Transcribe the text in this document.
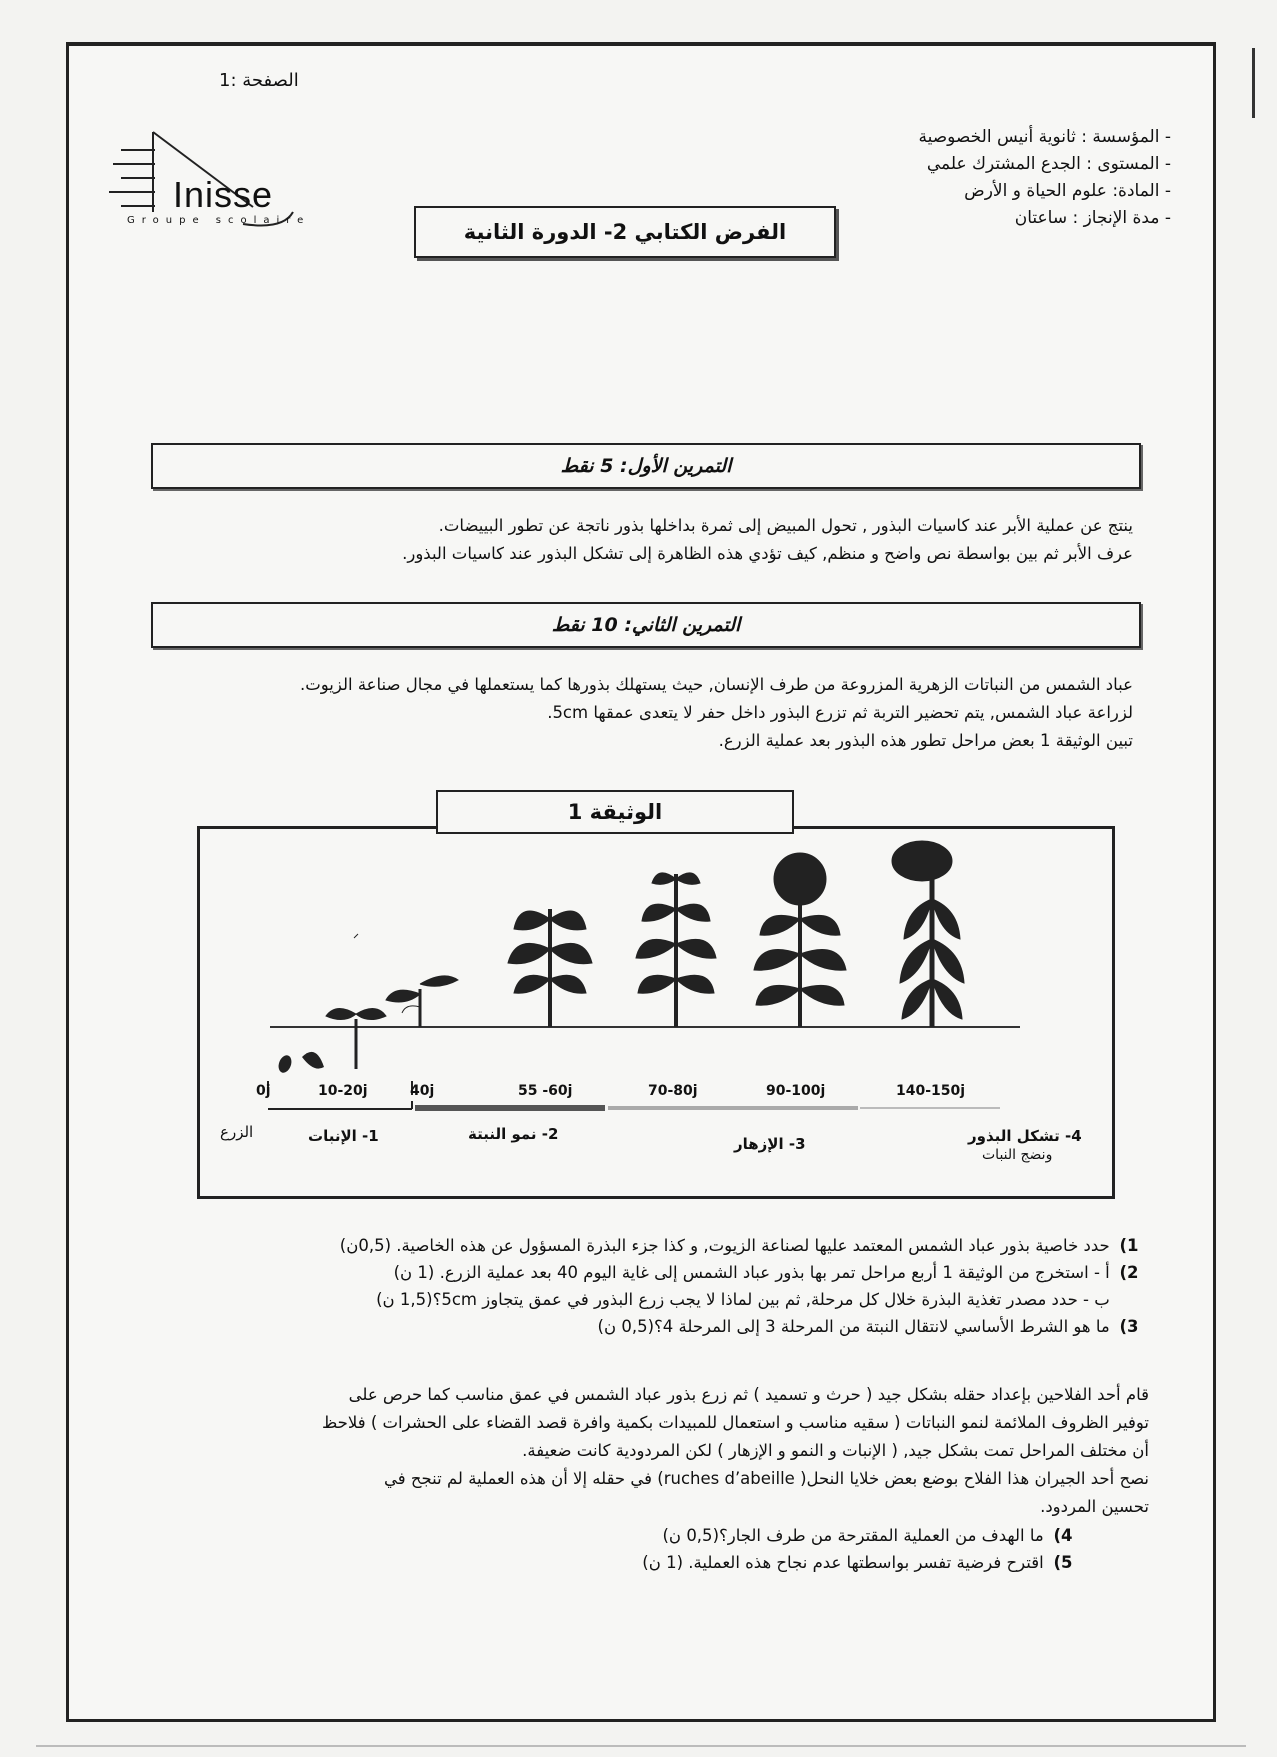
الصفحة :1
Inisse
Groupe scolaire
- المؤسسة : ثانوية أنيس الخصوصية
- المستوى : الجدع المشترك علمي
- المادة: علوم الحياة و الأرض
- مدة الإنجاز : ساعتان
الفرض الكتابي 2- الدورة الثانية
التمرين الأول: 5 نقط
ينتج عن عملية الأبر عند كاسيات البذور , تحول المبيض إلى ثمرة بداخلها بذور ناتجة عن تطور البييضات.
عرف الأبر ثم بين بواسطة نص واضح و منظم, كيف تؤدي هذه الظاهرة إلى تشكل البذور عند كاسيات البذور.
التمرين الثاني: 10 نقط
عباد الشمس من النباتات الزهرية المزروعة من طرف الإنسان, حيث يستهلك بذورها كما يستعملها في مجال صناعة الزيوت.
لزراعة عباد الشمس, يتم تحضير التربة ثم تزرع البذور داخل حفر لا يتعدى عمقها 5cm.
تبين الوثيقة 1 بعض مراحل تطور هذه البذور بعد عملية الزرع.
0j	10-20j	40j	55 -60j	70-80j	90-100j	140-150j
الزرع	1- الإنبات	2- نمو النبتة
3- الإزهار	4- تشكل البذور
ونضج النبات
الوثيقة 1
1) حدد خاصية بذور عباد الشمس المعتمد عليها لصناعة الزيوت, و كذا جزء البذرة المسؤول عن هذه الخاصية. (0,5ن)
2) أ - استخرج من الوثيقة 1 أربع مراحل تمر بها بذور عباد الشمس إلى غاية اليوم 40 بعد عملية الزرع. (1 ن)
ب - حدد مصدر تغذية البذرة خلال كل مرحلة, ثم بين لماذا لا يجب زرع البذور في عمق يتجاوز 5cm؟(1,5 ن)
3) ما هو الشرط الأساسي لانتقال النبتة من المرحلة 3 إلى المرحلة 4؟(0,5 ن)
قام أحد الفلاحين بإعداد حقله بشكل جيد ( حرث و تسميد ) ثم زرع بذور عباد الشمس في عمق مناسب كما حرص على
توفير الظروف الملائمة لنمو النباتات ( سقيه مناسب و استعمال للمبيدات بكمية وافرة قصد القضاء على الحشرات ) فلاحظ
أن مختلف المراحل تمت بشكل جيد, ( الإنبات و النمو و الإزهار ) لكن المردودية كانت ضعيفة.
نصح أحد الجيران هذا الفلاح بوضع بعض خلايا النحل( ruches d’abeille) في حقله إلا أن هذه العملية لم تنجح في
تحسين المردود.
4) ما الهدف من العملية المقترحة من طرف الجار؟(0,5 ن)
5) اقترح فرضية تفسر بواسطتها عدم نجاح هذه العملية. (1 ن)
